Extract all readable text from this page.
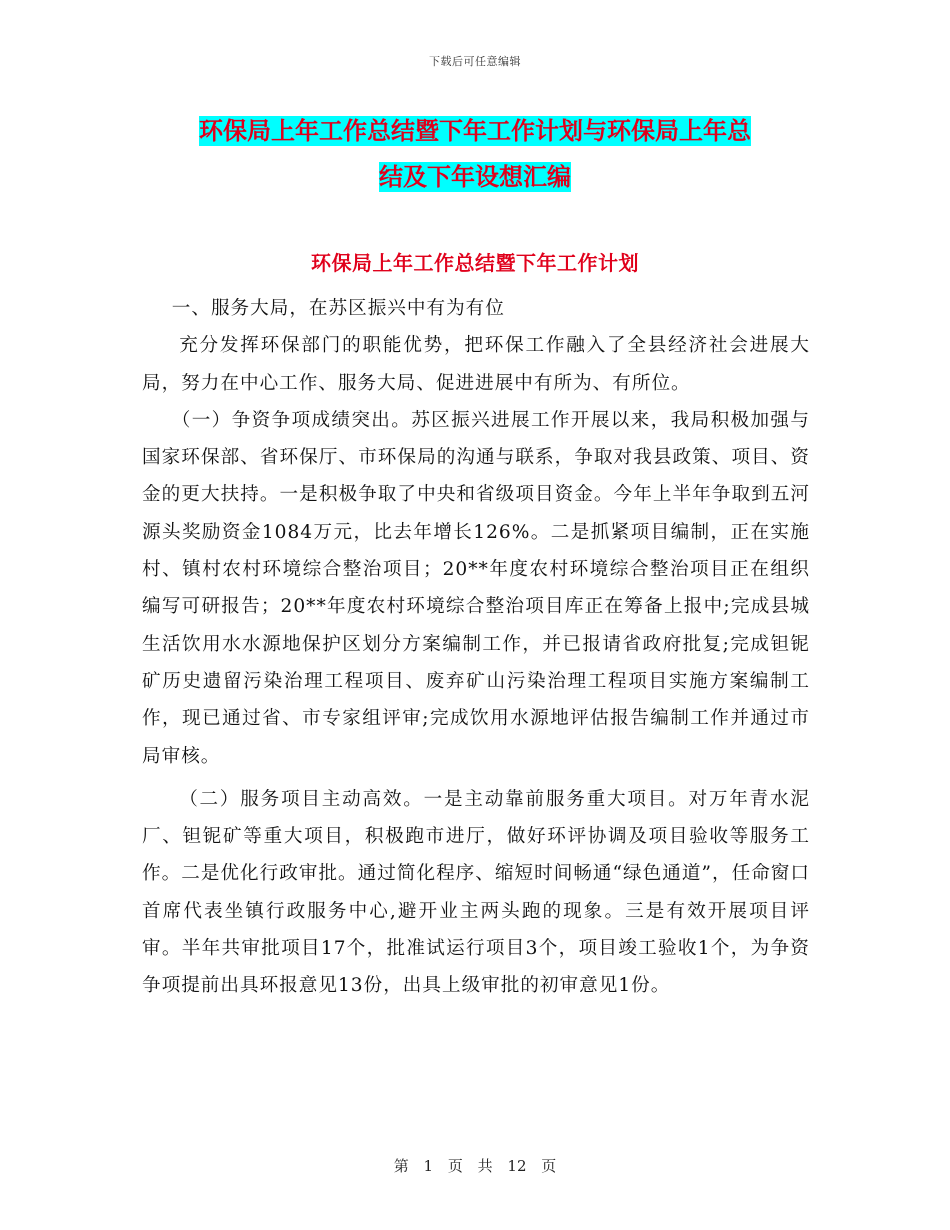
下载后可任意编辑
环保局上年工作总结暨下年工作计划与环保局上年总
结及下年设想汇编
环保局上年工作总结暨下年工作计划

一、服务大局，在苏区振兴中有为有位

充分发挥环保部门的职能优势，把环保工作融入了全县经济社会进展大局，努力在中心工作、服务大局、促进进展中有所为、有所位。

（一）争资争项成绩突出。苏区振兴进展工作开展以来，我局积极加强与国家环保部、省环保厅、市环保局的沟通与联系，争取对我县政策、项目、资金的更大扶持。一是积极争取了中央和省级项目资金。今年上半年争取到五河源头奖励资金1084万元，比去年增长126%。二是抓紧项目编制，正在实施村、镇村农村环境综合整治项目；20**年度农村环境综合整治项目正在组织编写可研报告；20**年度农村环境综合整治项目库正在筹备上报中;完成县城生活饮用水水源地保护区划分方案编制工作，并已报请省政府批复;完成钽铌矿历史遗留污染治理工程项目、废弃矿山污染治理工程项目实施方案编制工作，现已通过省、市专家组评审;完成饮用水源地评估报告编制工作并通过市局审核。

（二）服务项目主动高效。一是主动靠前服务重大项目。对万年青水泥厂、钽铌矿等重大项目，积极跑市进厅，做好环评协调及项目验收等服务工作。二是优化行政审批。通过简化程序、缩短时间畅通“绿色通道”，任命窗口首席代表坐镇行政服务中心,避开业主两头跑的现象。三是有效开展项目评审。半年共审批项目17个，批准试运行项目3个，项目竣工验收1个，为争资争项提前出具环报意见13份，出具上级审批的初审意见1份。

第 1 页 共 12 页
